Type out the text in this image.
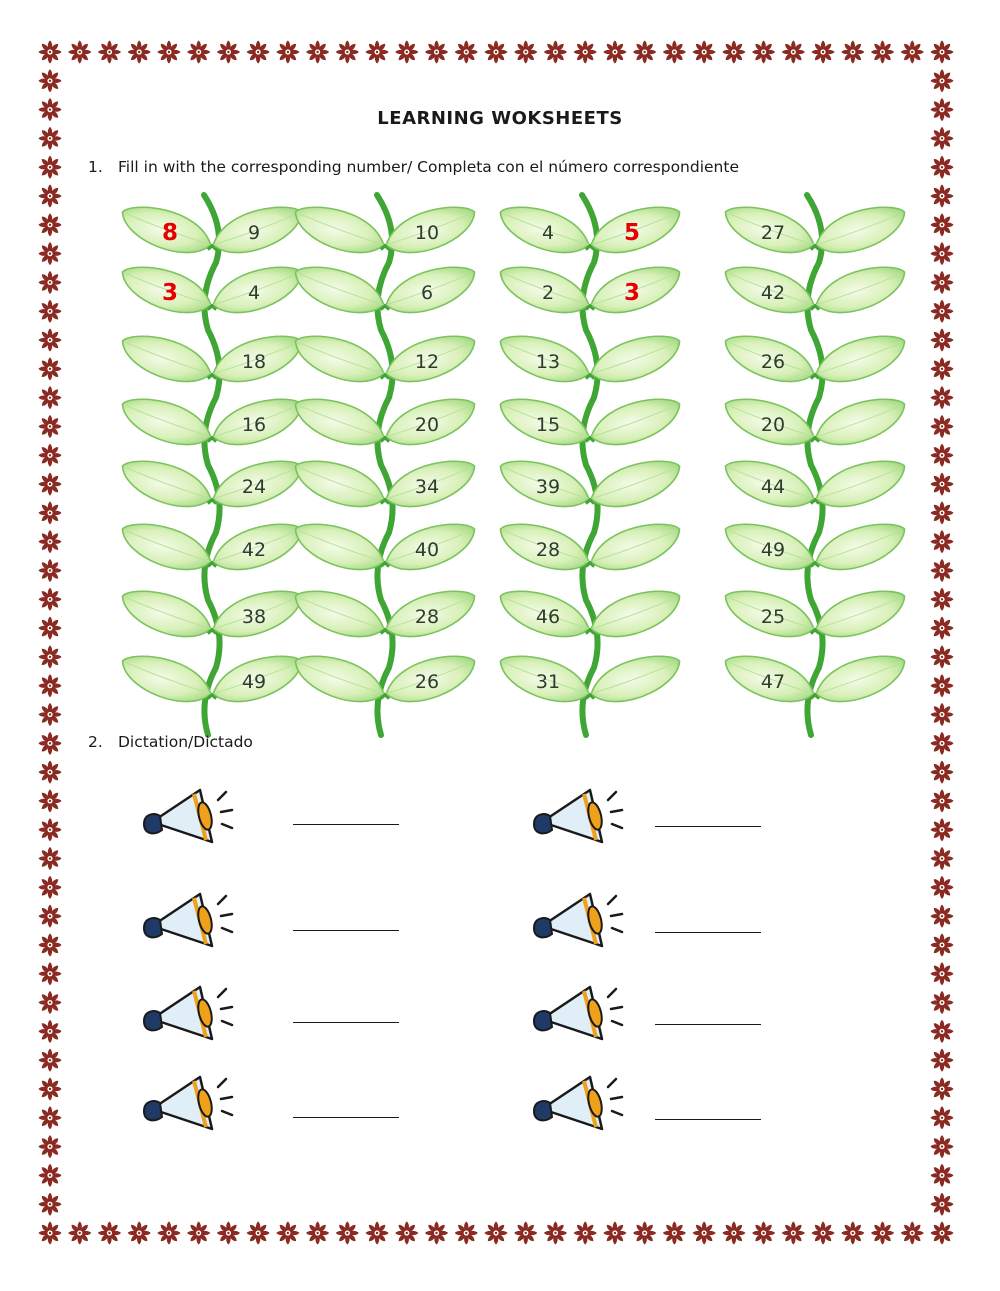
LEARNING WOKSHEETS
1. Fill in with the corresponding number/ Completa con el número correspondiente
8
3
9
4
18
16
24
42
38
49
10
6
12
20
34
40
28
26
4
2
13
15
39
28
46
31
5
3
27
42
26
20
44
49
25
47
2. Dictation/Dictado
